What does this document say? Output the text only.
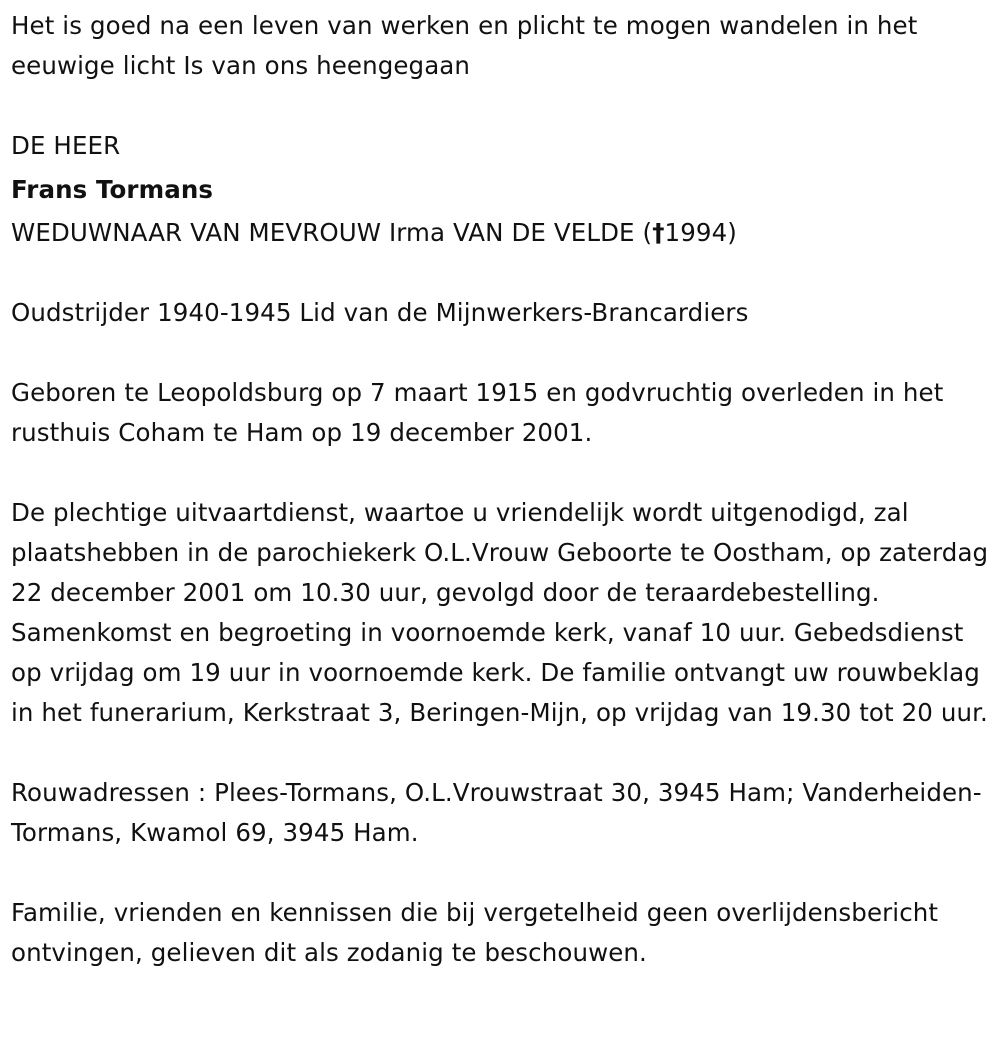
Het is goed na een leven van werken en plicht te mogen wandelen in het eeuwige licht Is van ons heengegaan

DE HEER

Frans Tormans

WEDUWNAAR VAN MEVROUW Irma VAN DE VELDE (†1994)

Oudstrijder 1940-1945 Lid van de Mijnwerkers-Brancardiers

Geboren te Leopoldsburg op 7 maart 1915 en godvruchtig overleden in het rusthuis Coham te Ham op 19 december 2001.

De plechtige uitvaartdienst, waartoe u vriendelijk wordt uitgenodigd, zal plaatshebben in de parochiekerk O.L.Vrouw Geboorte te Oostham, op zaterdag 22 december 2001 om 10.30 uur, gevolgd door de teraardebestelling. Samenkomst en begroeting in voornoemde kerk, vanaf 10 uur. Gebedsdienst op vrijdag om 19 uur in voornoemde kerk. De familie ontvangt uw rouwbeklag in het funerarium, Kerkstraat 3, Beringen-Mijn, op vrijdag van 19.30 tot 20 uur.

Rouwadressen : Plees-Tormans, O.L.Vrouwstraat 30, 3945 Ham; Vanderheiden-Tormans, Kwamol 69, 3945 Ham.

Familie, vrienden en kennissen die bij vergetelheid geen overlijdensbericht ontvingen, gelieven dit als zodanig te beschouwen.
